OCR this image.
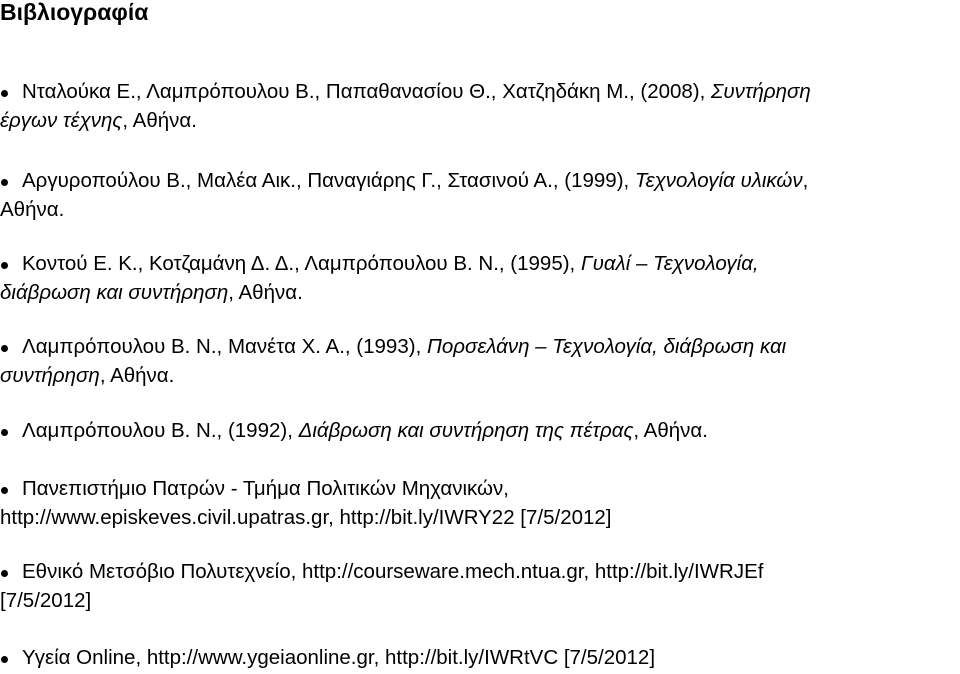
Βιβλιογραφία
Νταλούκα Ε., Λαμπρόπουλου Β., Παπαθανασίου Θ., Χατζηδάκη Μ., (2008), Συντήρηση
έργων τέχνης, Αθήνα.
Αργυροπούλου Β., Μαλέα Αικ., Παναγιάρης Γ., Στασινού Α., (1999), Τεχνολογία υλικών,
Αθήνα.
Κοντού Ε. Κ., Κοτζαμάνη Δ. Δ., Λαμπρόπουλου Β. Ν., (1995), Γυαλί – Τεχνολογία,
διάβρωση και συντήρηση, Αθήνα.
Λαμπρόπουλου Β. Ν., Μανέτα Χ. Α., (1993), Πορσελάνη – Τεχνολογία, διάβρωση και
συντήρηση, Αθήνα.
Λαμπρόπουλου Β. Ν., (1992), Διάβρωση και συντήρηση της πέτρας, Αθήνα.
Πανεπιστήμιο Πατρών - Τμήμα Πολιτικών Μηχανικών,
http://www.episkeves.civil.upatras.gr, http://bit.ly/IWRY22 [7/5/2012]
Εθνικό Μετσόβιο Πολυτεχνείο, http://courseware.mech.ntua.gr, http://bit.ly/IWRJEf
[7/5/2012]
Υγεία Online, http://www.ygeiaonline.gr, http://bit.ly/IWRtVC [7/5/2012]
